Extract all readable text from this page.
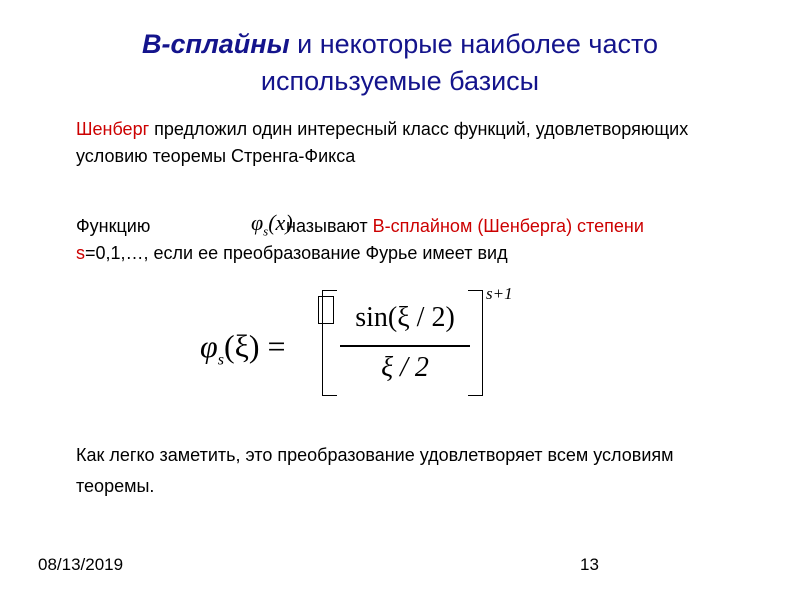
В-сплайны и некоторые наиболее часто
используемые базисы
Шенберг предложил один интересный класс функций, удовлетворяющих условию теоремы Стренга-Фикса
Функцию	$\varphi_s(x)$
называют В-сплайном (Шенберга) степени

s=0,1,…, если ее преобразование Фурье имеет вид
$\varphi_s(\xi)$ =
sin(ξ / 2)
ξ / 2
s+1
Как легко заметить, это преобразование удовлетворяет всем условиям теоремы.
08/13/2019	13
